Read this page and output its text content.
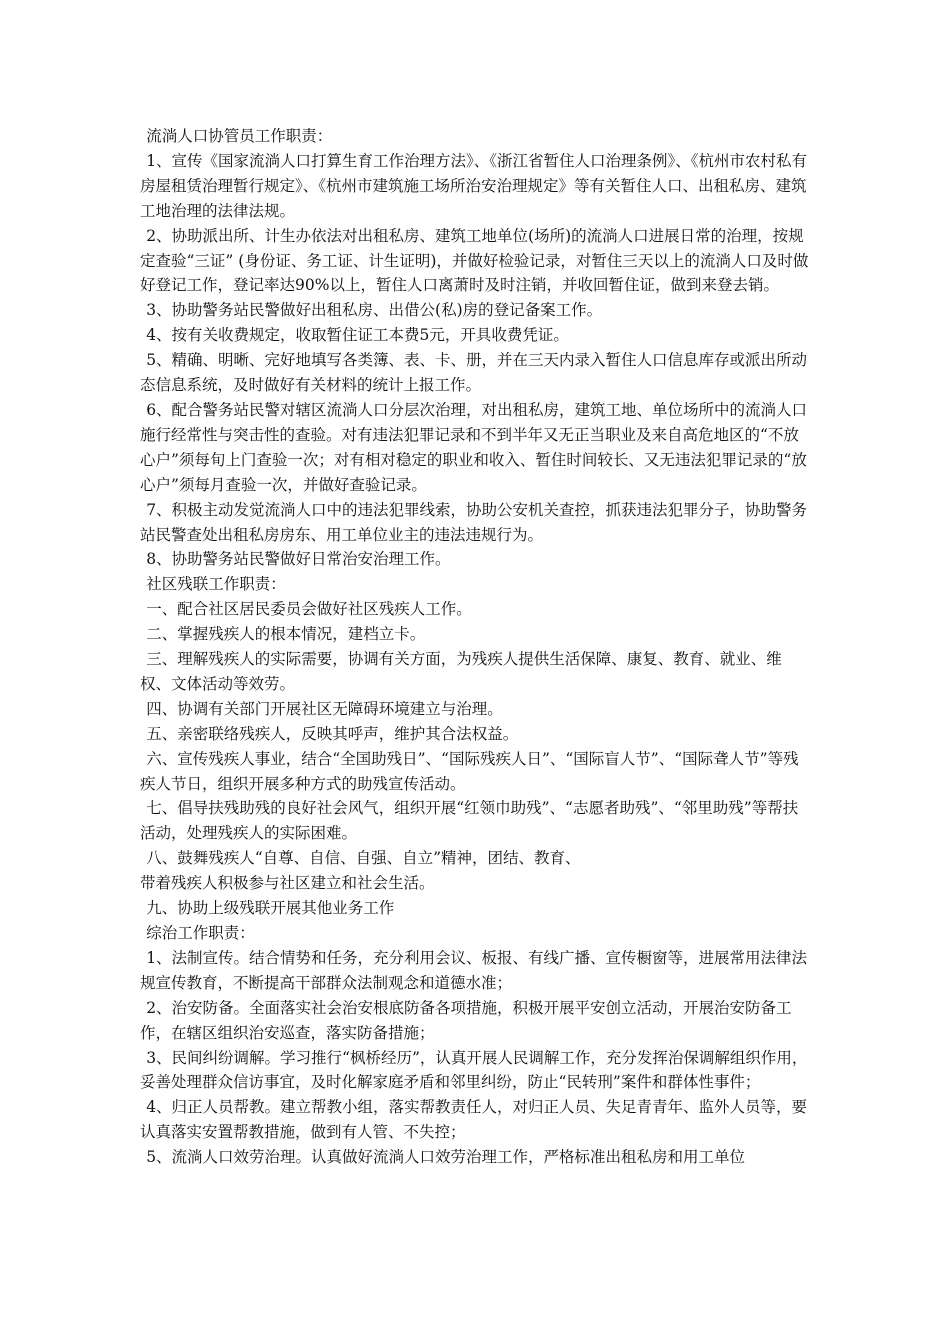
流淌人口协管员工作职责：

1、宣传《国家流淌人口打算生育工作治理方法》、《浙江省暂住人口治理条例》、《杭州市农村私有房屋租赁治理暂行规定》、《杭州市建筑施工场所治安治理规定》等有关暂住人口、出租私房、建筑工地治理的法律法规。

2、协助派出所、计生办依法对出租私房、建筑工地单位(场所)的流淌人口进展日常的治理，按规定查验“三证” (身份证、务工证、计生证明)，并做好检验记录，对暂住三天以上的流淌人口及时做好登记工作，登记率达90%以上，暂住人口离萧时及时注销，并收回暂住证，做到来登去销。

3、协助警务站民警做好出租私房、出借公(私)房的登记备案工作。

4、按有关收费规定，收取暂住证工本费5元，开具收费凭证。

5、精确、明晰、完好地填写各类簿、表、卡、册，并在三天内录入暂住人口信息库存或派出所动态信息系统，及时做好有关材料的统计上报工作。

6、配合警务站民警对辖区流淌人口分层次治理，对出租私房，建筑工地、单位场所中的流淌人口施行经常性与突击性的查验。对有违法犯罪记录和不到半年又无正当职业及来自高危地区的“不放心户”须每旬上门查验一次；对有相对稳定的职业和收入、暂住时间较长、又无违法犯罪记录的“放心户”须每月查验一次，并做好查验记录。

7、积极主动发觉流淌人口中的违法犯罪线索，协助公安机关查控，抓获违法犯罪分子，协助警务站民警查处出租私房房东、用工单位业主的违法违规行为。

8、协助警务站民警做好日常治安治理工作。

社区残联工作职责：

一、配合社区居民委员会做好社区残疾人工作。

二、掌握残疾人的根本情况，建档立卡。

三、理解残疾人的实际需要，协调有关方面，为残疾人提供生活保障、康复、教育、就业、维权、文体活动等效劳。

四、协调有关部门开展社区无障碍环境建立与治理。

五、亲密联络残疾人，反映其呼声，维护其合法权益。

六、宣传残疾人事业，结合“全国助残日”、“国际残疾人日”、“国际盲人节”、“国际聋人节”等残疾人节日，组织开展多种方式的助残宣传活动。

七、倡导扶残助残的良好社会风气，组织开展“红领巾助残”、“志愿者助残”、“邻里助残”等帮扶活动，处理残疾人的实际困难。

八、鼓舞残疾人“自尊、自信、自强、自立”精神，团结、教育、

带着残疾人积极参与社区建立和社会生活。

九、协助上级残联开展其他业务工作

综治工作职责：

1、法制宣传。结合情势和任务，充分利用会议、板报、有线广播、宣传橱窗等，进展常用法律法规宣传教育，不断提高干部群众法制观念和道德水准；

2、治安防备。全面落实社会治安根底防备各项措施，积极开展平安创立活动，开展治安防备工作，在辖区组织治安巡查，落实防备措施；

3、民间纠纷调解。学习推行“枫桥经历”，认真开展人民调解工作，充分发挥治保调解组织作用，妥善处理群众信访事宜，及时化解家庭矛盾和邻里纠纷，防止“民转刑”案件和群体性事件；

4、归正人员帮教。建立帮教小组，落实帮教责任人，对归正人员、失足青青年、监外人员等，要认真落实安置帮教措施，做到有人管、不失控；

5、流淌人口效劳治理。认真做好流淌人口效劳治理工作，严格标准出租私房和用工单位
